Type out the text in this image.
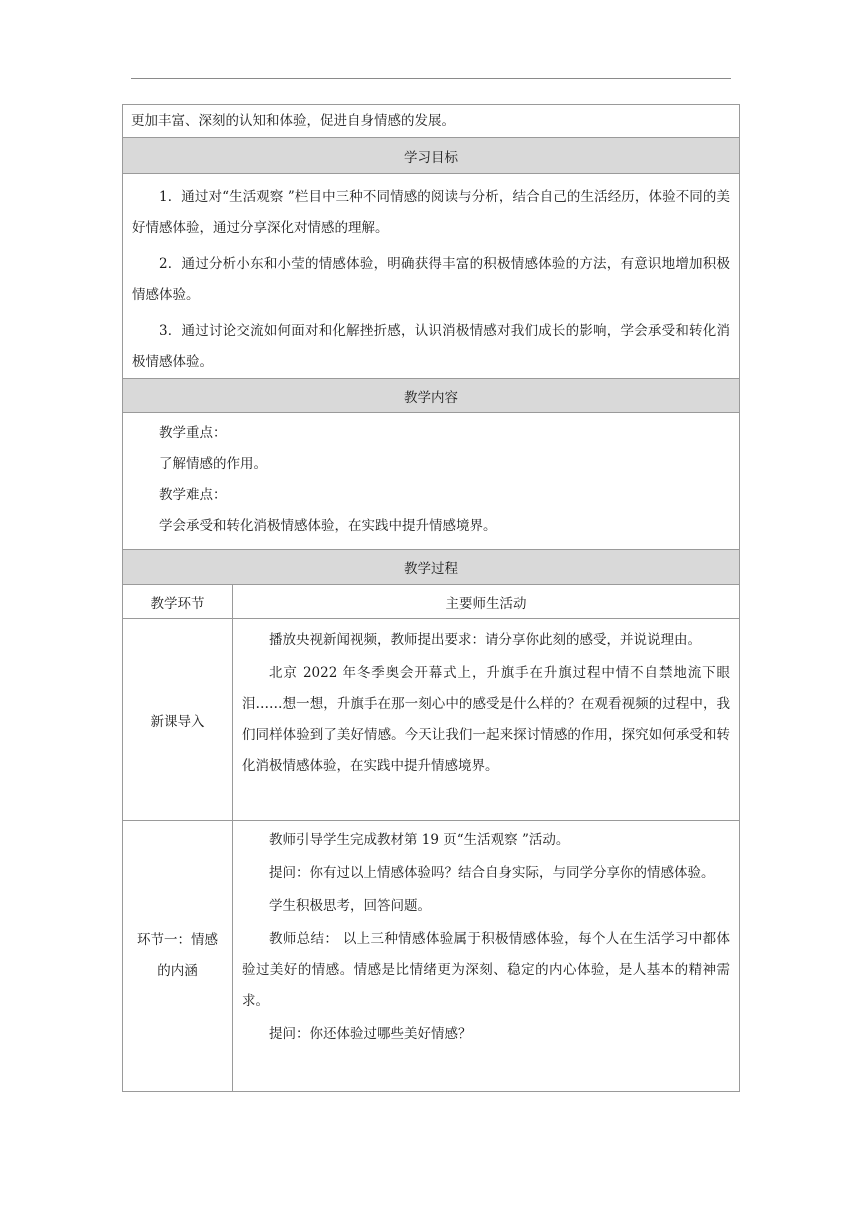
更加丰富、深刻的认知和体验，促进自身情感的发展。	

学习目标	

1．通过对“生活观察 ”栏目中三种不同情感的阅读与分析，结合自己的生活经历，体验不同的美好情感体验，通过分享深化对情感的理解。

2．通过分析小东和小莹的情感体验，明确获得丰富的积极情感体验的方法，有意识地增加积极情感体验。

3．通过讨论交流如何面对和化解挫折感，认识消极情感对我们成长的影响，学会承受和转化消极情感体验。	

教学内容	

教学重点：

了解情感的作用。

教学难点：

学会承受和转化消极情感体验，在实践中提升情感境界。	

教学过程	
教学环节	主要师生活动
新课导入	播放央视新闻视频，教师提出要求：请分享你此刻的感受，并说说理由。

北京 2022 年冬季奥会开幕式上，升旗手在升旗过程中情不自禁地流下眼泪……想一想，升旗手在那一刻心中的感受是什么样的？在观看视频的过程中，我们同样体验到了美好情感。今天让我们一起来探讨情感的作用，探究如何承受和转化消极情感体验，在实践中提升情感境界。

环节一：情感的内涵	教师引导学生完成教材第 19 页“生活观察 ”活动。

提问：你有过以上情感体验吗？结合自身实际，与同学分享你的情感体验。

学生积极思考，回答问题。

教师总结： 以上三种情感体验属于积极情感体验，每个人在生活学习中都体验过美好的情感。情感是比情绪更为深刻、稳定的内心体验，是人基本的精神需求。

提问：你还体验过哪些美好情感？
